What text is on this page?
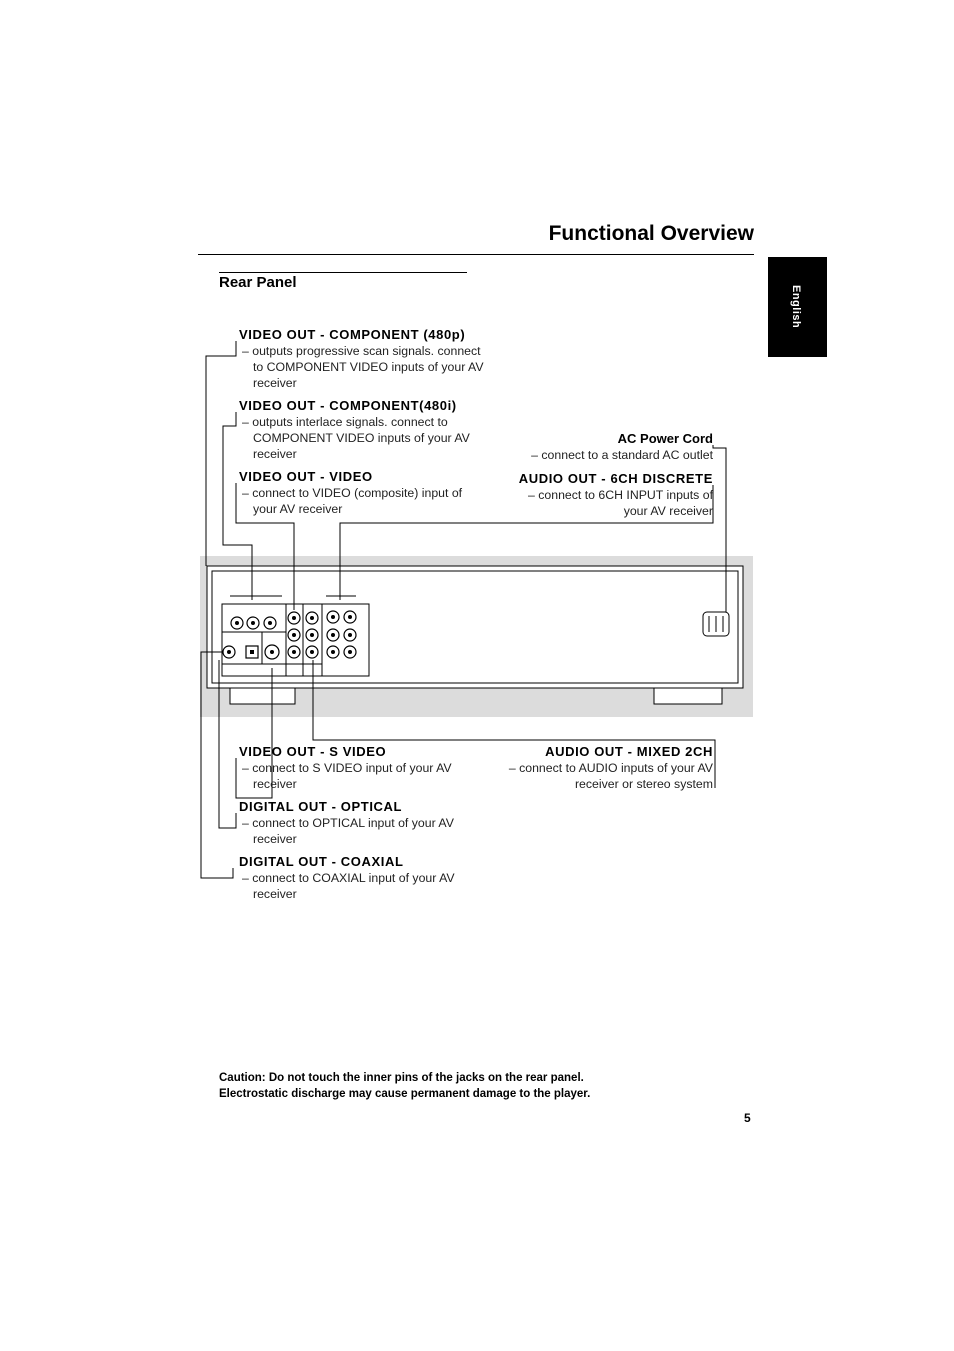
Functional Overview
Rear Panel
English
VIDEO OUT - COMPONENT (480p)
– outputs progressive scan signals. connect to COMPONENT VIDEO inputs of your AV receiver
VIDEO OUT - COMPONENT(480i)
– outputs interlace signals. connect to COMPONENT VIDEO inputs of your AV receiver
VIDEO OUT - VIDEO
– connect to VIDEO (composite) input of your AV receiver
AC Power Cord
– connect to a standard AC outlet
AUDIO OUT - 6CH DISCRETE
– connect to 6CH INPUT inputs of your AV receiver
VIDEO OUT - S VIDEO
– connect to S VIDEO input of your AV receiver
AUDIO OUT - MIXED 2CH
– connect to AUDIO inputs of your AV receiver or stereo system
DIGITAL OUT - OPTICAL
– connect to OPTICAL input of your AV receiver
DIGITAL OUT - COAXIAL
– connect to COAXIAL input of your AV receiver
Caution: Do not touch the inner pins of the jacks on the rear panel.
Electrostatic discharge may cause permanent damage to the player.
5
